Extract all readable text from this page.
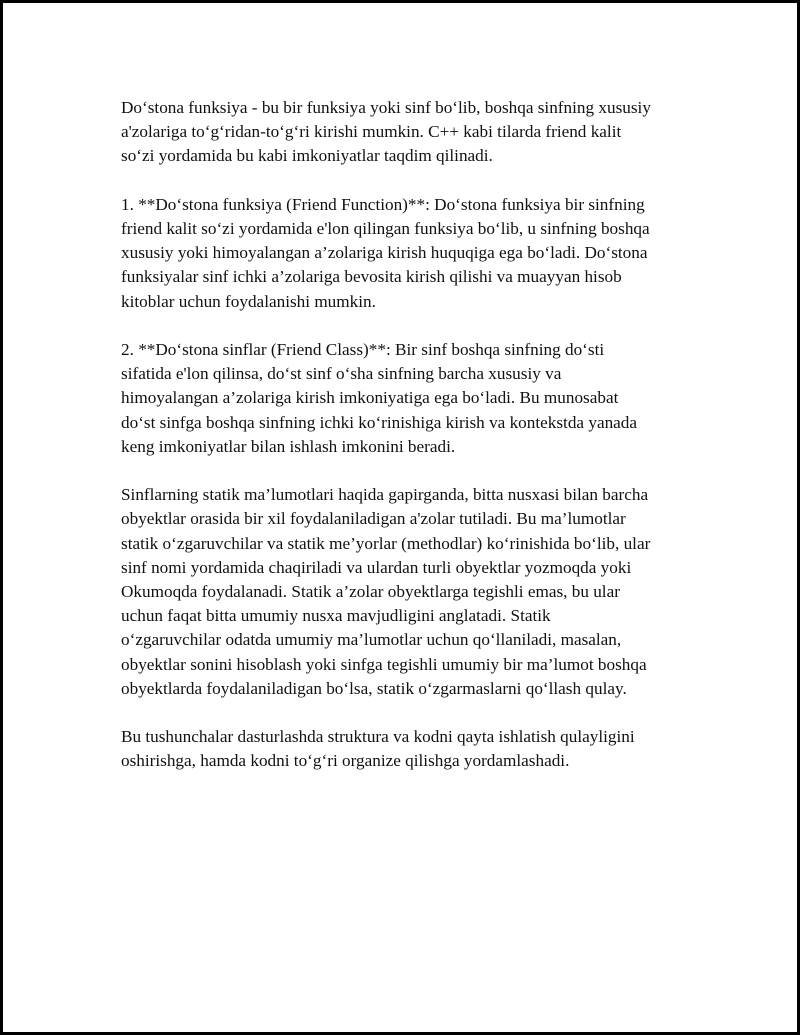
Do‘stona funksiya - bu bir funksiya yoki sinf bo‘lib, boshqa sinfning xususiy
a'zolariga to‘g‘ridan-to‘g‘ri kirishi mumkin. C++ kabi tilarda friend kalit
so‘zi yordamida bu kabi imkoniyatlar taqdim qilinadi.

1. **Do‘stona funksiya (Friend Function)**: Do‘stona funksiya bir sinfning
friend kalit so‘zi yordamida e'lon qilingan funksiya bo‘lib, u sinfning boshqa
xususiy yoki himoyalangan a’zolariga kirish huquqiga ega bo‘ladi. Do‘stona
funksiyalar sinf ichki a’zolariga bevosita kirish qilishi va muayyan hisob
kitoblar uchun foydalanishi mumkin.

2. **Do‘stona sinflar (Friend Class)**: Bir sinf boshqa sinfning do‘sti
sifatida e'lon qilinsa, do‘st sinf o‘sha sinfning barcha xususiy va
himoyalangan a’zolariga kirish imkoniyatiga ega bo‘ladi. Bu munosabat
do‘st sinfga boshqa sinfning ichki ko‘rinishiga kirish va kontekstda yanada
keng imkoniyatlar bilan ishlash imkonini beradi.

Sinflarning statik ma’lumotlari haqida gapirganda, bitta nusxasi bilan barcha
obyektlar orasida bir xil foydalaniladigan a'zolar tutiladi. Bu ma’lumotlar
statik o‘zgaruvchilar va statik me’yorlar (methodlar) ko‘rinishida bo‘lib, ular
sinf nomi yordamida chaqiriladi va ulardan turli obyektlar yozmoqda yoki
Okumoqda foydalanadi. Statik a’zolar obyektlarga tegishli emas, bu ular
uchun faqat bitta umumiy nusxa mavjudligini anglatadi. Statik
o‘zgaruvchilar odatda umumiy ma’lumotlar uchun qo‘llaniladi, masalan,
obyektlar sonini hisoblash yoki sinfga tegishli umumiy bir ma’lumot boshqa
obyektlarda foydalaniladigan bo‘lsa, statik o‘zgarmaslarni qo‘llash qulay.

Bu tushunchalar dasturlashda struktura va kodni qayta ishlatish qulayligini
oshirishga, hamda kodni to‘g‘ri organize qilishga yordamlashadi.
